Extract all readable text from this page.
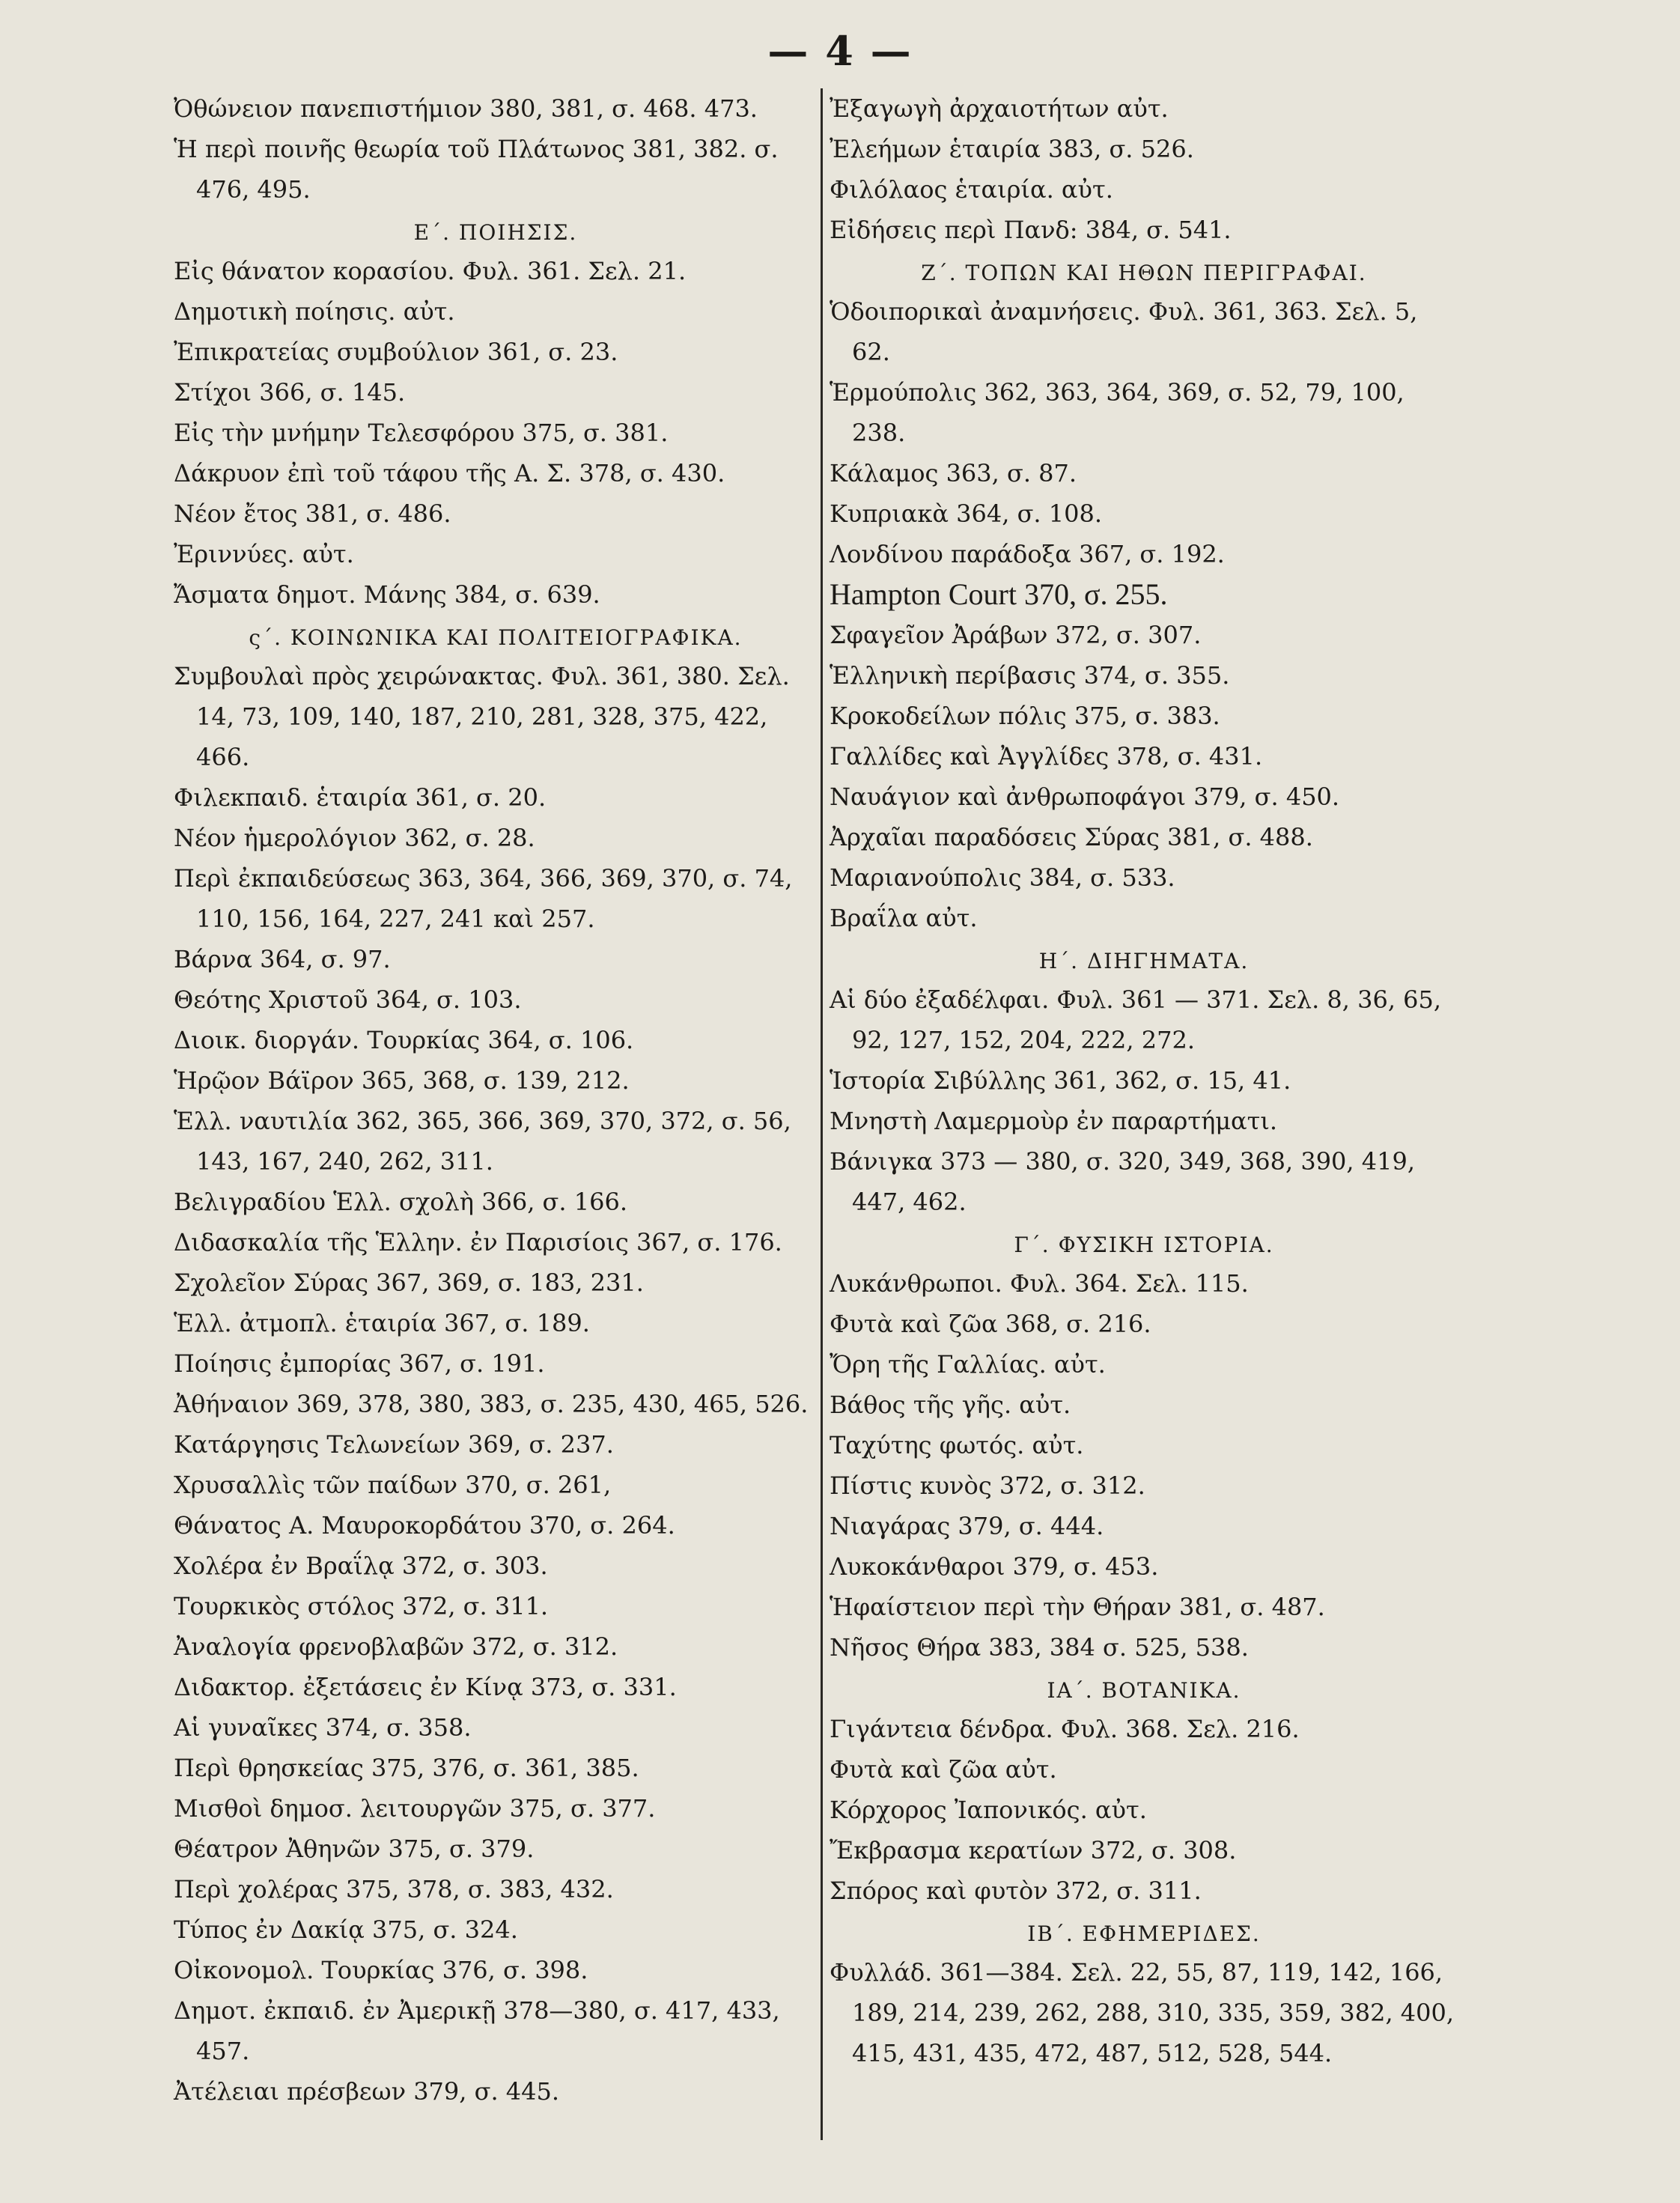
— 4 —
Ὀθώνειον πανεπιστήμιον 380, 381, σ. 468. 473.
Ἡ περὶ ποινῆς θεωρία τοῦ Πλάτωνος 381, 382. σ. 476, 495.
Ε΄. ΠΟΙΗΣΙΣ.
Εἰς θάνατον κορασίου. Φυλ. 361. Σελ. 21.
Δημοτικὴ ποίησις. αὐτ.
Ἐπικρατείας συμβούλιον 361, σ. 23.
Στίχοι 366, σ. 145.
Εἰς τὴν μνήμην Τελεσφόρου 375, σ. 381.
Δάκρυον ἐπὶ τοῦ τάφου τῆς Α. Σ. 378, σ. 430.
Νέον ἔτος 381, σ. 486.
Ἐριννύες. αὐτ.
Ἄσματα δημοτ. Μάνης 384, σ. 639.
ς΄. ΚΟΙΝΩΝΙΚΑ ΚΑΙ ΠΟΛΙΤΕΙΟΓΡΑΦΙΚΑ.
Συμβουλαὶ πρὸς χειρώνακτας. Φυλ. 361, 380. Σελ. 14, 73, 109, 140, 187, 210, 281, 328, 375, 422, 466.
Φιλεκπαιδ. ἑταιρία 361, σ. 20.
Νέον ἡμερολόγιον 362, σ. 28.
Περὶ ἐκπαιδεύσεως 363, 364, 366, 369, 370, σ. 74, 110, 156, 164, 227, 241 καὶ 257.
Βάρνα 364, σ. 97.
Θεότης Χριστοῦ 364, σ. 103.
Διοικ. διοργάν. Τουρκίας 364, σ. 106.
Ἡρῷον Βάϊρον 365, 368, σ. 139, 212.
Ἑλλ. ναυτιλία 362, 365, 366, 369, 370, 372, σ. 56, 143, 167, 240, 262, 311.
Βελιγραδίου Ἑλλ. σχολὴ 366, σ. 166.
Διδασκαλία τῆς Ἑλλην. ἐν Παρισίοις 367, σ. 176.
Σχολεῖον Σύρας 367, 369, σ. 183, 231.
Ἑλλ. ἀτμοπλ. ἑταιρία 367, σ. 189.
Ποίησις ἐμπορίας 367, σ. 191.
Ἀθήναιον 369, 378, 380, 383, σ. 235, 430, 465, 526.
Κατάργησις Τελωνείων 369, σ. 237.
Χρυσαλλὶς τῶν παίδων 370, σ. 261,
Θάνατος Α. Μαυροκορδάτου 370, σ. 264.
Χολέρα ἐν Βραΐλᾳ 372, σ. 303.
Τουρκικὸς στόλος 372, σ. 311.
Ἀναλογία φρενοβλαβῶν 372, σ. 312.
Διδακτορ. ἐξετάσεις ἐν Κίνᾳ 373, σ. 331.
Αἱ γυναῖκες 374, σ. 358.
Περὶ θρησκείας 375, 376, σ. 361, 385.
Μισθοὶ δημοσ. λειτουργῶν 375, σ. 377.
Θέατρον Ἀθηνῶν 375, σ. 379.
Περὶ χολέρας 375, 378, σ. 383, 432.
Τύπος ἐν Δακίᾳ 375, σ. 324.
Οἰκονομολ. Τουρκίας 376, σ. 398.
Δημοτ. ἐκπαιδ. ἐν Ἀμερικῇ 378—380, σ. 417, 433, 457.
Ἀτέλειαι πρέσβεων 379, σ. 445.
Ἐξαγωγὴ ἀρχαιοτήτων αὐτ.
Ἐλεήμων ἑταιρία 383, σ. 526.
Φιλόλαος ἑταιρία. αὐτ.
Εἰδήσεις περὶ Πανδ: 384, σ. 541.
Ζ΄. ΤΟΠΩΝ ΚΑΙ ΗΘΩΝ ΠΕΡΙΓΡΑΦΑΙ.
Ὁδοιπορικαὶ ἀναμνήσεις. Φυλ. 361, 363. Σελ. 5, 62.
Ἑρμούπολις 362, 363, 364, 369, σ. 52, 79, 100, 238.
Κάλαμος 363, σ. 87.
Κυπριακὰ 364, σ. 108.
Λονδίνου παράδοξα 367, σ. 192.
Hampton Court 370, σ. 255.
Σφαγεῖον Ἀράβων 372, σ. 307.
Ἑλληνικὴ περίβασις 374, σ. 355.
Κροκοδείλων πόλις 375, σ. 383.
Γαλλίδες καὶ Ἀγγλίδες 378, σ. 431.
Ναυάγιον καὶ ἀνθρωποφάγοι 379, σ. 450.
Ἀρχαῖαι παραδόσεις Σύρας 381, σ. 488.
Μαριανούπολις 384, σ. 533.
Βραΐλα αὐτ.
Η΄. ΔΙΗΓΗΜΑΤΑ.
Αἱ δύο ἐξαδέλφαι. Φυλ. 361 — 371. Σελ. 8, 36, 65, 92, 127, 152, 204, 222, 272.
Ἱστορία Σιβύλλης 361, 362, σ. 15, 41.
Μνηστὴ Λαμερμοὺρ ἐν παραρτήματι.
Βάνιγκα 373 — 380, σ. 320, 349, 368, 390, 419, 447, 462.
Γ΄. ΦΥΣΙΚΗ ΙΣΤΟΡΙΑ.
Λυκάνθρωποι. Φυλ. 364. Σελ. 115.
Φυτὰ καὶ ζῶα 368, σ. 216.
Ὄρη τῆς Γαλλίας. αὐτ.
Βάθος τῆς γῆς. αὐτ.
Ταχύτης φωτός. αὐτ.
Πίστις κυνὸς 372, σ. 312.
Νιαγάρας 379, σ. 444.
Λυκοκάνθαροι 379, σ. 453.
Ἡφαίστειον περὶ τὴν Θήραν 381, σ. 487.
Νῆσος Θήρα 383, 384 σ. 525, 538.
ΙΑ΄. ΒΟΤΑΝΙΚΑ.
Γιγάντεια δένδρα. Φυλ. 368. Σελ. 216.
Φυτὰ καὶ ζῶα αὐτ.
Κόρχορος Ἰαπονικός. αὐτ.
Ἔκβρασμα κερατίων 372, σ. 308.
Σπόρος καὶ φυτὸν 372, σ. 311.
ΙΒ΄. ΕΦΗΜΕΡΙΔΕΣ.
Φυλλάδ. 361—384. Σελ. 22, 55, 87, 119, 142, 166, 189, 214, 239, 262, 288, 310, 335, 359, 382, 400, 415, 431, 435, 472, 487, 512, 528, 544.
